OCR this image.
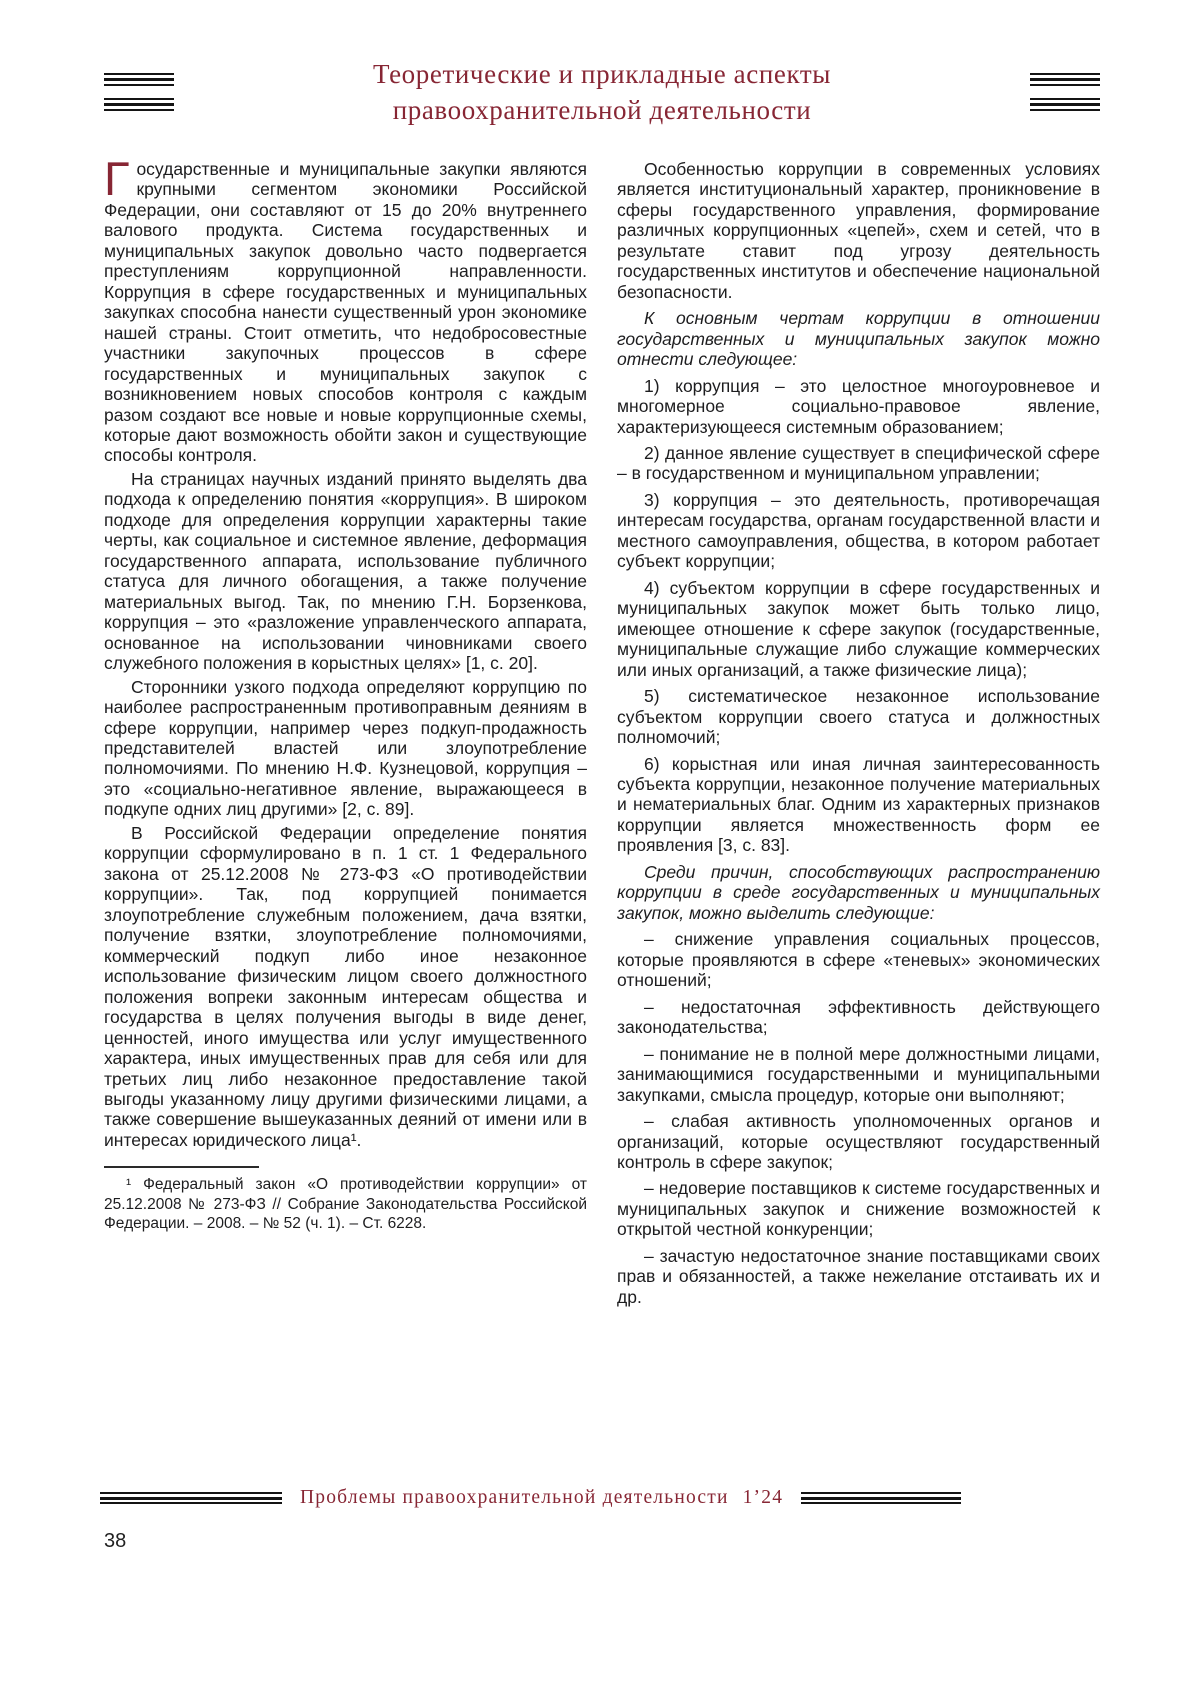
Теоретические и прикладные аспекты
правоохранительной деятельности

Государственные и муниципальные закупки являются крупными сегментом экономики Российской Федерации, они составляют от 15 до 20% внутреннего валового продукта. Система государственных и муниципальных закупок довольно часто подвергается преступлениям коррупционной направленности. Коррупция в сфере государственных и муниципальных закупках способна нанести существенный урон экономике нашей страны. Стоит отметить, что недобросовестные участники закупочных процессов в сфере государственных и муниципальных закупок с возникновением новых способов контроля с каждым разом создают все новые и новые коррупционные схемы, которые дают возможность обойти закон и существующие способы контроля.

На страницах научных изданий принято выделять два подхода к определению понятия «коррупция». В широком подходе для определения коррупции характерны такие черты, как социальное и системное явление, деформация государственного аппарата, использование публичного статуса для личного обогащения, а также получение материальных выгод. Так, по мнению Г.Н. Борзенкова, коррупция – это «разложение управленческого аппарата, основанное на использовании чиновниками своего служебного положения в корыстных целях» [1, с. 20].

Сторонники узкого подхода определяют коррупцию по наиболее распространенным противоправным деяниям в сфере коррупции, например через подкуп-продажность представителей властей или злоупотребление полномочиями. По мнению Н.Ф. Кузнецовой, коррупция – это «социально-негативное явление, выражающееся в подкупе одних лиц другими» [2, с. 89].

В Российской Федерации определение понятия коррупции сформулировано в п. 1 ст. 1 Федерального закона от 25.12.2008 № 273-ФЗ «О противодействии коррупции». Так, под коррупцией понимается злоупотребление служебным положением, дача взятки, получение взятки, злоупотребление полномочиями, коммерческий подкуп либо иное незаконное использование физическим лицом своего должностного положения вопреки законным интересам общества и государства в целях получения выгоды в виде денег, ценностей, иного имущества или услуг имущественного характера, иных имущественных прав для себя или для третьих лиц либо незаконное предоставление такой выгоды указанному лицу другими физическими лицами, а также совершение вышеуказанных деяний от имени или в интересах юридического лица¹.

¹ Федеральный закон «О противодействии коррупции» от 25.12.2008 № 273-ФЗ // Собрание Законодательства Российской Федерации. – 2008. – № 52 (ч. 1). – Ст. 6228.

Особенностью коррупции в современных условиях является институциональный характер, проникновение в сферы государственного управления, формирование различных коррупционных «цепей», схем и сетей, что в результате ставит под угрозу деятельность государственных институтов и обеспечение национальной безопасности.

К основным чертам коррупции в отношении государственных и муниципальных закупок можно отнести следующее:

1) коррупция – это целостное многоуровневое и многомерное социально-правовое явление, характеризующееся системным образованием;

2) данное явление существует в специфической сфере – в государственном и муниципальном управлении;

3) коррупция – это деятельность, противоречащая интересам государства, органам государственной власти и местного самоуправления, общества, в котором работает субъект коррупции;

4) субъектом коррупции в сфере государственных и муниципальных закупок может быть только лицо, имеющее отношение к сфере закупок (государственные, муниципальные служащие либо служащие коммерческих или иных организаций, а также физические лица);

5) систематическое незаконное использование субъектом коррупции своего статуса и должностных полномочий;

6) корыстная или иная личная заинтересованность субъекта коррупции, незаконное получение материальных и нематериальных благ. Одним из характерных признаков коррупции является множественность форм ее проявления [3, с. 83].

Среди причин, способствующих распространению коррупции в среде государственных и муниципальных закупок, можно выделить следующие:

– снижение управления социальных процессов, которые проявляются в сфере «теневых» экономических отношений;

– недостаточная эффективность действующего законодательства;

– понимание не в полной мере должностными лицами, занимающимися государственными и муниципальными закупками, смысла процедур, которые они выполняют;

– слабая активность уполномоченных органов и организаций, которые осуществляют государственный контроль в сфере закупок;

– недоверие поставщиков к системе государственных и муниципальных закупок и снижение возможностей к открытой честной конкуренции;

– зачастую недостаточное знание поставщиками своих прав и обязанностей, а также нежелание отстаивать их и др.

Проблемы правоохранительной деятельности 1’24
38
